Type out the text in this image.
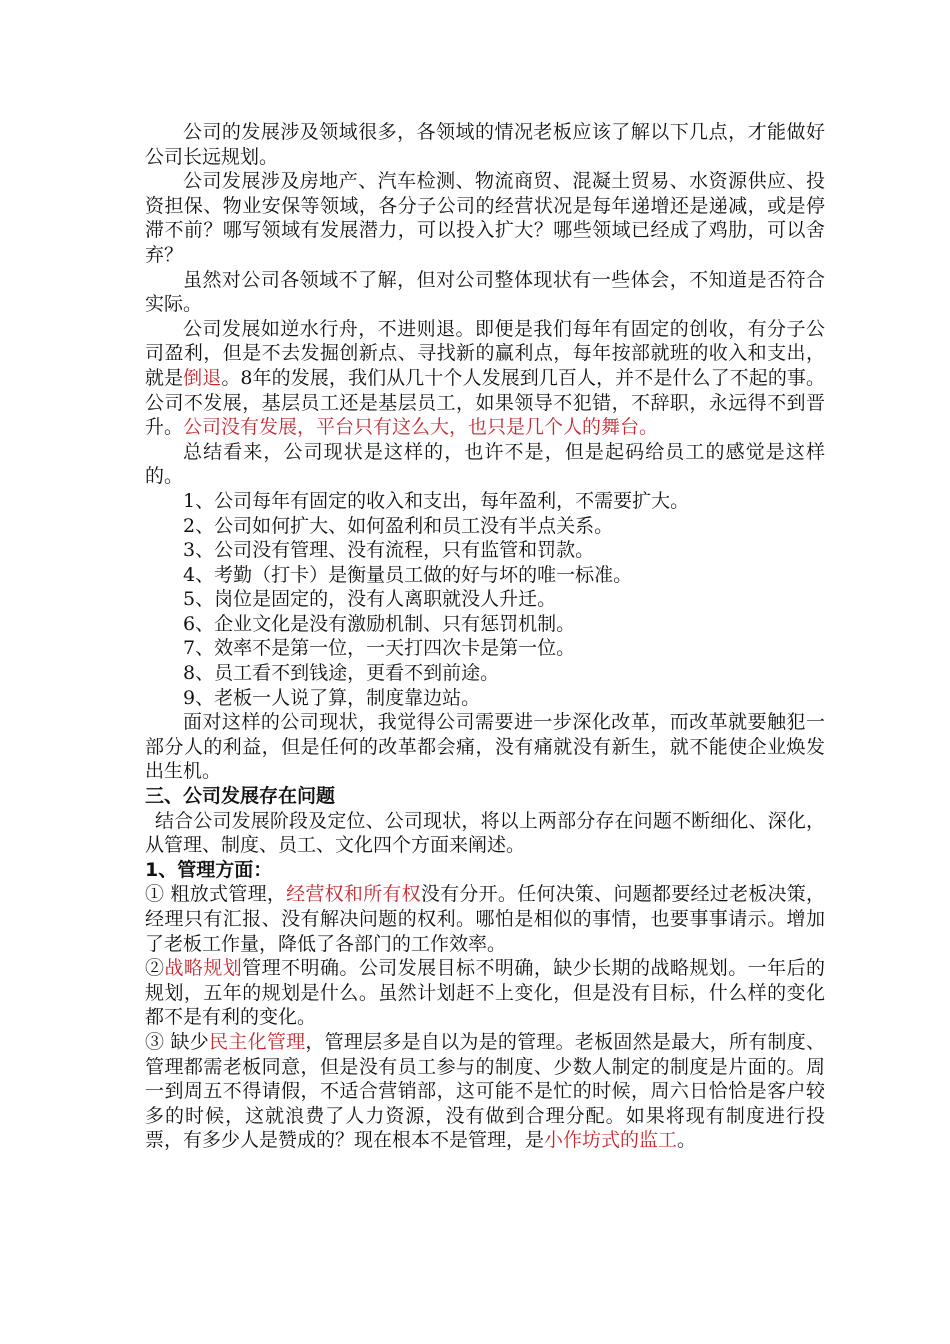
公司的发展涉及领域很多，各领域的情况老板应该了解以下几点，才能做好公司长远规划。

公司发展涉及房地产、汽车检测、物流商贸、混凝土贸易、水资源供应、投资担保、物业安保等领域，各分子公司的经营状况是每年递增还是递减，或是停滞不前？哪写领域有发展潜力，可以投入扩大？哪些领域已经成了鸡肋，可以舍弃？

虽然对公司各领域不了解，但对公司整体现状有一些体会，不知道是否符合实际。

公司发展如逆水行舟，不进则退。即便是我们每年有固定的创收，有分子公司盈利，但是不去发掘创新点、寻找新的赢利点，每年按部就班的收入和支出，就是倒退。8年的发展，我们从几十个人发展到几百人，并不是什么了不起的事。公司不发展，基层员工还是基层员工，如果领导不犯错，不辞职，永远得不到晋升。公司没有发展，平台只有这么大，也只是几个人的舞台。

总结看来，公司现状是这样的，也许不是，但是起码给员工的感觉是这样的。

1、公司每年有固定的收入和支出，每年盈利，不需要扩大。

2、公司如何扩大、如何盈利和员工没有半点关系。

3、公司没有管理、没有流程，只有监管和罚款。

4、考勤（打卡）是衡量员工做的好与坏的唯一标准。

5、岗位是固定的，没有人离职就没人升迁。

6、企业文化是没有激励机制、只有惩罚机制。

7、效率不是第一位，一天打四次卡是第一位。

8、员工看不到钱途，更看不到前途。

9、老板一人说了算，制度靠边站。

面对这样的公司现状，我觉得公司需要进一步深化改革，而改革就要触犯一部分人的利益，但是任何的改革都会痛，没有痛就没有新生，就不能使企业焕发出生机。

三、公司发展存在问题

结合公司发展阶段及定位、公司现状，将以上两部分存在问题不断细化、深化，从管理、制度、员工、文化四个方面来阐述。

1、管理方面：

① 粗放式管理，经营权和所有权没有分开。任何决策、问题都要经过老板决策，经理只有汇报、没有解决问题的权利。哪怕是相似的事情，也要事事请示。增加了老板工作量，降低了各部门的工作效率。

②战略规划管理不明确。公司发展目标不明确，缺少长期的战略规划。一年后的规划，五年的规划是什么。虽然计划赶不上变化，但是没有目标，什么样的变化都不是有利的变化。

③ 缺少民主化管理，管理层多是自以为是的管理。老板固然是最大，所有制度、管理都需老板同意，但是没有员工参与的制度、少数人制定的制度是片面的。周一到周五不得请假，不适合营销部，这可能不是忙的时候，周六日恰恰是客户较多的时候，这就浪费了人力资源，没有做到合理分配。如果将现有制度进行投票，有多少人是赞成的？现在根本不是管理，是小作坊式的监工。
